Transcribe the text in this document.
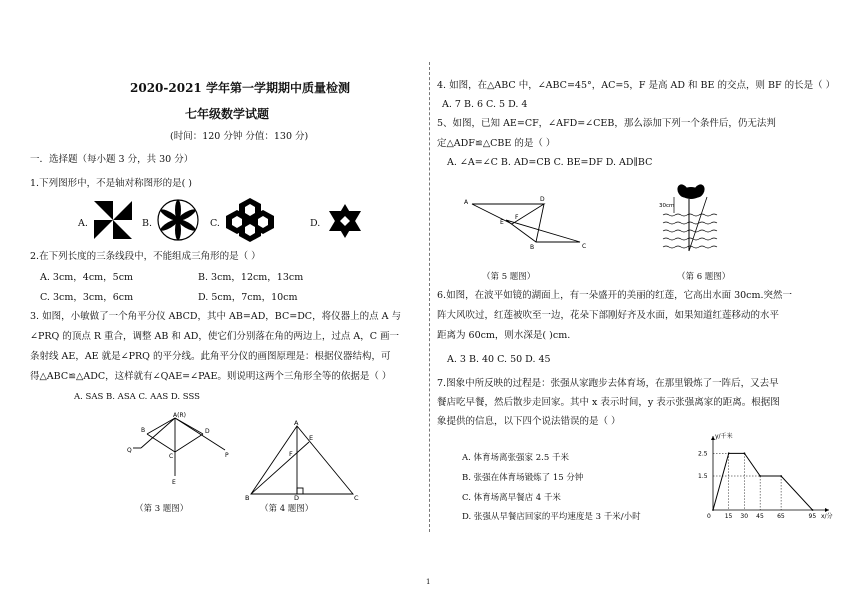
2020-2021 学年第一学期期中质量检测
七年级数学试题
(时间：120 分钟 分值：130 分)
一．选择题（每小题 3 分，共 30 分）
1.下列图形中，不是轴对称图形的是( )
A.	B.	C.	D.
2.在下列长度的三条线段中，不能组成三角形的是（ ）
A. 3cm，4cm，5cm	B. 3cm，12cm，13cm
C. 3cm，3cm，6cm	D. 5cm，7cm，10cm
3. 如图，小敏做了一个角平分仪 ABCD，其中 AB=AD，BC=DC，将仪器上的点 A 与
∠PRQ 的顶点 R 重合，调整 AB 和 AD，使它们分别落在角的两边上，过点 A，C 画一
条射线 AE，AE 就是∠PRQ 的平分线。此角平分仪的画图原理是：根据仪器结构，可
得△ABC≌△ADC，这样就有∠QAE=∠PAE。则说明这两个三角形全等的依据是（ ）
A. SAS B. ASA C. AAS D. SSS
A(R)
B	D
C
E
Q
P
（第 3 题图）
A
E
F
B	D	C
（第 4 题图）
4. 如图，在△ABC 中，∠ABC=45°，AC=5，F 是高 AD 和 BE 的交点，则 BF 的长是（ ）
A. 7 B. 6 C. 5 D. 4
5、如图，已知 AE=CF，∠AFD=∠CEB，那么添加下列一个条件后，仍无法判
定△ADF≌△CBE 的是（ ）
A. ∠A=∠C B. AD=CB C. BE=DF D. AD∥BC
A	D
E
F
B	C
（第 5 题图）
30cm
（第 6 题图）
6.如图，在波平如镜的湖面上，有一朵盛开的美丽的红莲，它高出水面 30cm.突然一
阵大风吹过，红莲被吹至一边，花朵下部刚好齐及水面，如果知道红莲移动的水平
距离为 60cm，则水深是( )cm.
A. 3 B. 40 C. 50 D. 45
7.图象中所反映的过程是：张强从家跑步去体育场，在那里锻炼了一阵后，又去早
餐店吃早餐，然后散步走回家。其中 x 表示时间，y 表示张强离家的距离。根据图
象提供的信息，以下四个说法错误的是（ ）
A. 体育场离张强家 2.5 千米
B. 张强在体育场锻炼了 15 分钟
C. 体育场离早餐店 4 千米
D. 张强从早餐店回家的平均速度是 3 千米/小时	0 15 30 45 65	95
1.5
2.5
x/分
y/千米
1
